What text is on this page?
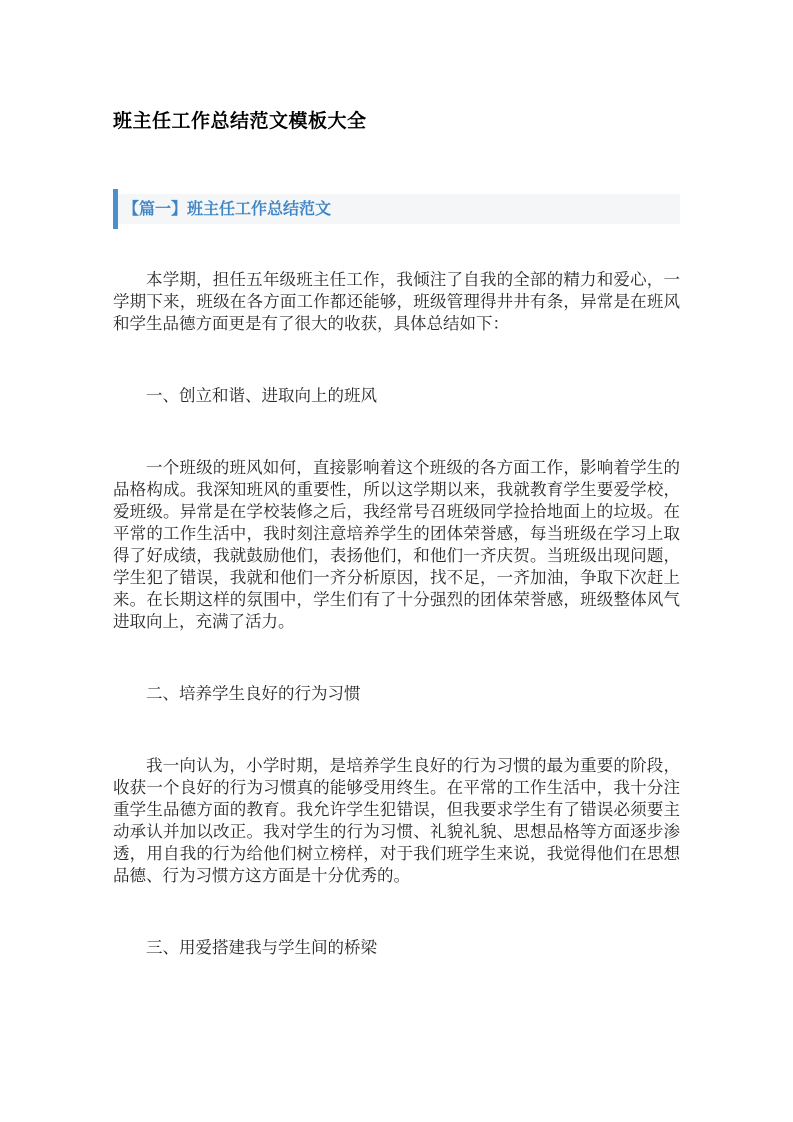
班主任工作总结范文模板大全
【篇一】班主任工作总结范文

本学期，担任五年级班主任工作，我倾注了自我的全部的精力和爱心，一学期下来，班级在各方面工作都还能够，班级管理得井井有条，异常是在班风和学生品德方面更是有了很大的收获，具体总结如下：

一、创立和谐、进取向上的班风

一个班级的班风如何，直接影响着这个班级的各方面工作，影响着学生的品格构成。我深知班风的重要性，所以这学期以来，我就教育学生要爱学校，爱班级。异常是在学校装修之后，我经常号召班级同学捡拾地面上的垃圾。在平常的工作生活中，我时刻注意培养学生的团体荣誉感，每当班级在学习上取得了好成绩，我就鼓励他们，表扬他们，和他们一齐庆贺。当班级出现问题，学生犯了错误，我就和他们一齐分析原因，找不足，一齐加油，争取下次赶上来。在长期这样的氛围中，学生们有了十分强烈的团体荣誉感，班级整体风气进取向上，充满了活力。

二、培养学生良好的行为习惯

我一向认为，小学时期，是培养学生良好的行为习惯的最为重要的阶段，收获一个良好的行为习惯真的能够受用终生。在平常的工作生活中，我十分注重学生品德方面的教育。我允许学生犯错误，但我要求学生有了错误必须要主动承认并加以改正。我对学生的行为习惯、礼貌礼貌、思想品格等方面逐步渗透，用自我的行为给他们树立榜样，对于我们班学生来说，我觉得他们在思想品德、行为习惯方这方面是十分优秀的。

三、用爱搭建我与学生间的桥梁
